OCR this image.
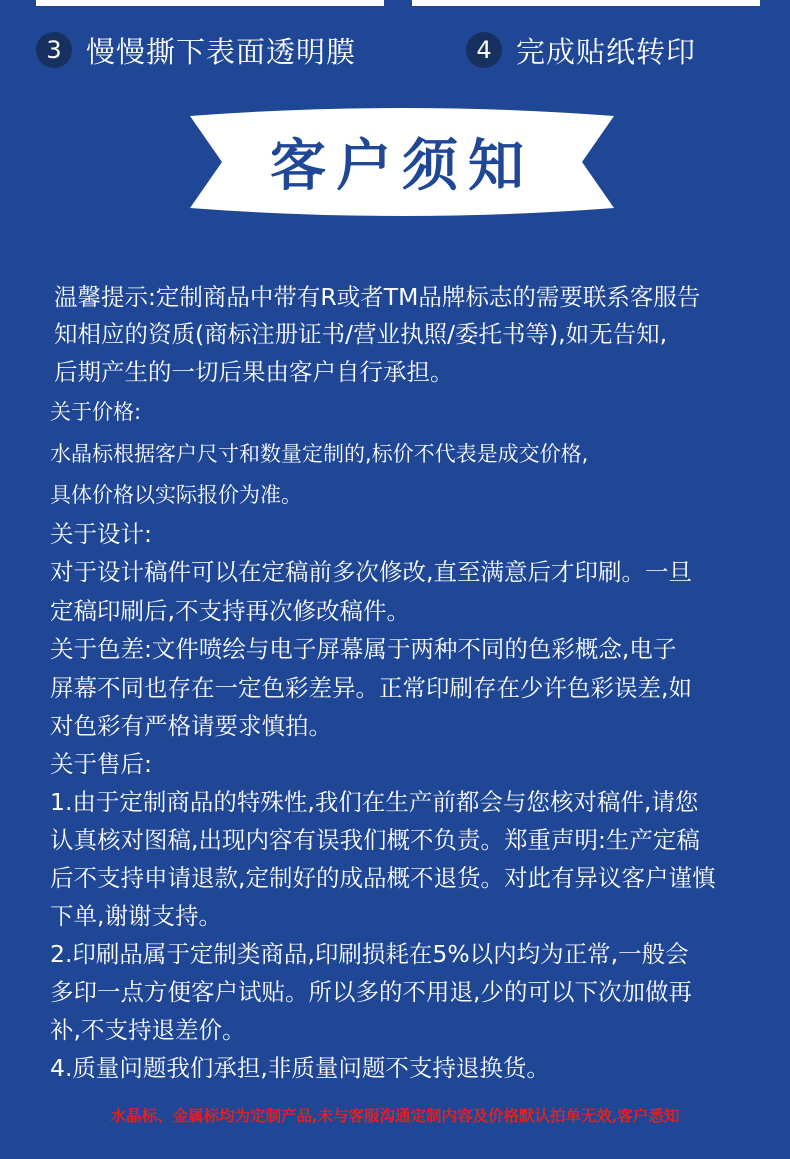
3 慢慢撕下表面透明膜	4 完成贴纸转印
客户须知
温馨提示:定制商品中带有R或者TM品牌标志的需要联系客服告
知相应的资质(商标注册证书/营业执照/委托书等),如无告知,
后期产生的一切后果由客户自行承担。
关于价格:
水晶标根据客户尺寸和数量定制的,标价不代表是成交价格,
具体价格以实际报价为准。
关于设计:
对于设计稿件可以在定稿前多次修改,直至满意后才印刷。一旦
定稿印刷后,不支持再次修改稿件。
关于色差:文件喷绘与电子屏幕属于两种不同的色彩概念,电子
屏幕不同也存在一定色彩差异。正常印刷存在少许色彩误差,如
对色彩有严格请要求慎拍。
关于售后:
1.由于定制商品的特殊性,我们在生产前都会与您核对稿件,请您
认真核对图稿,出现内容有误我们概不负责。郑重声明:生产定稿
后不支持申请退款,定制好的成品概不退货。对此有异议客户谨慎
下单,谢谢支持。
2.印刷品属于定制类商品,印刷损耗在5%以内均为正常,一般会
多印一点方便客户试贴。所以多的不用退,少的可以下次加做再
补,不支持退差价。
4.质量问题我们承担,非质量问题不支持退换货。
水晶标、金属标均为定制产品,未与客服沟通定制内容及价格默认拍单无效,客户悉知
